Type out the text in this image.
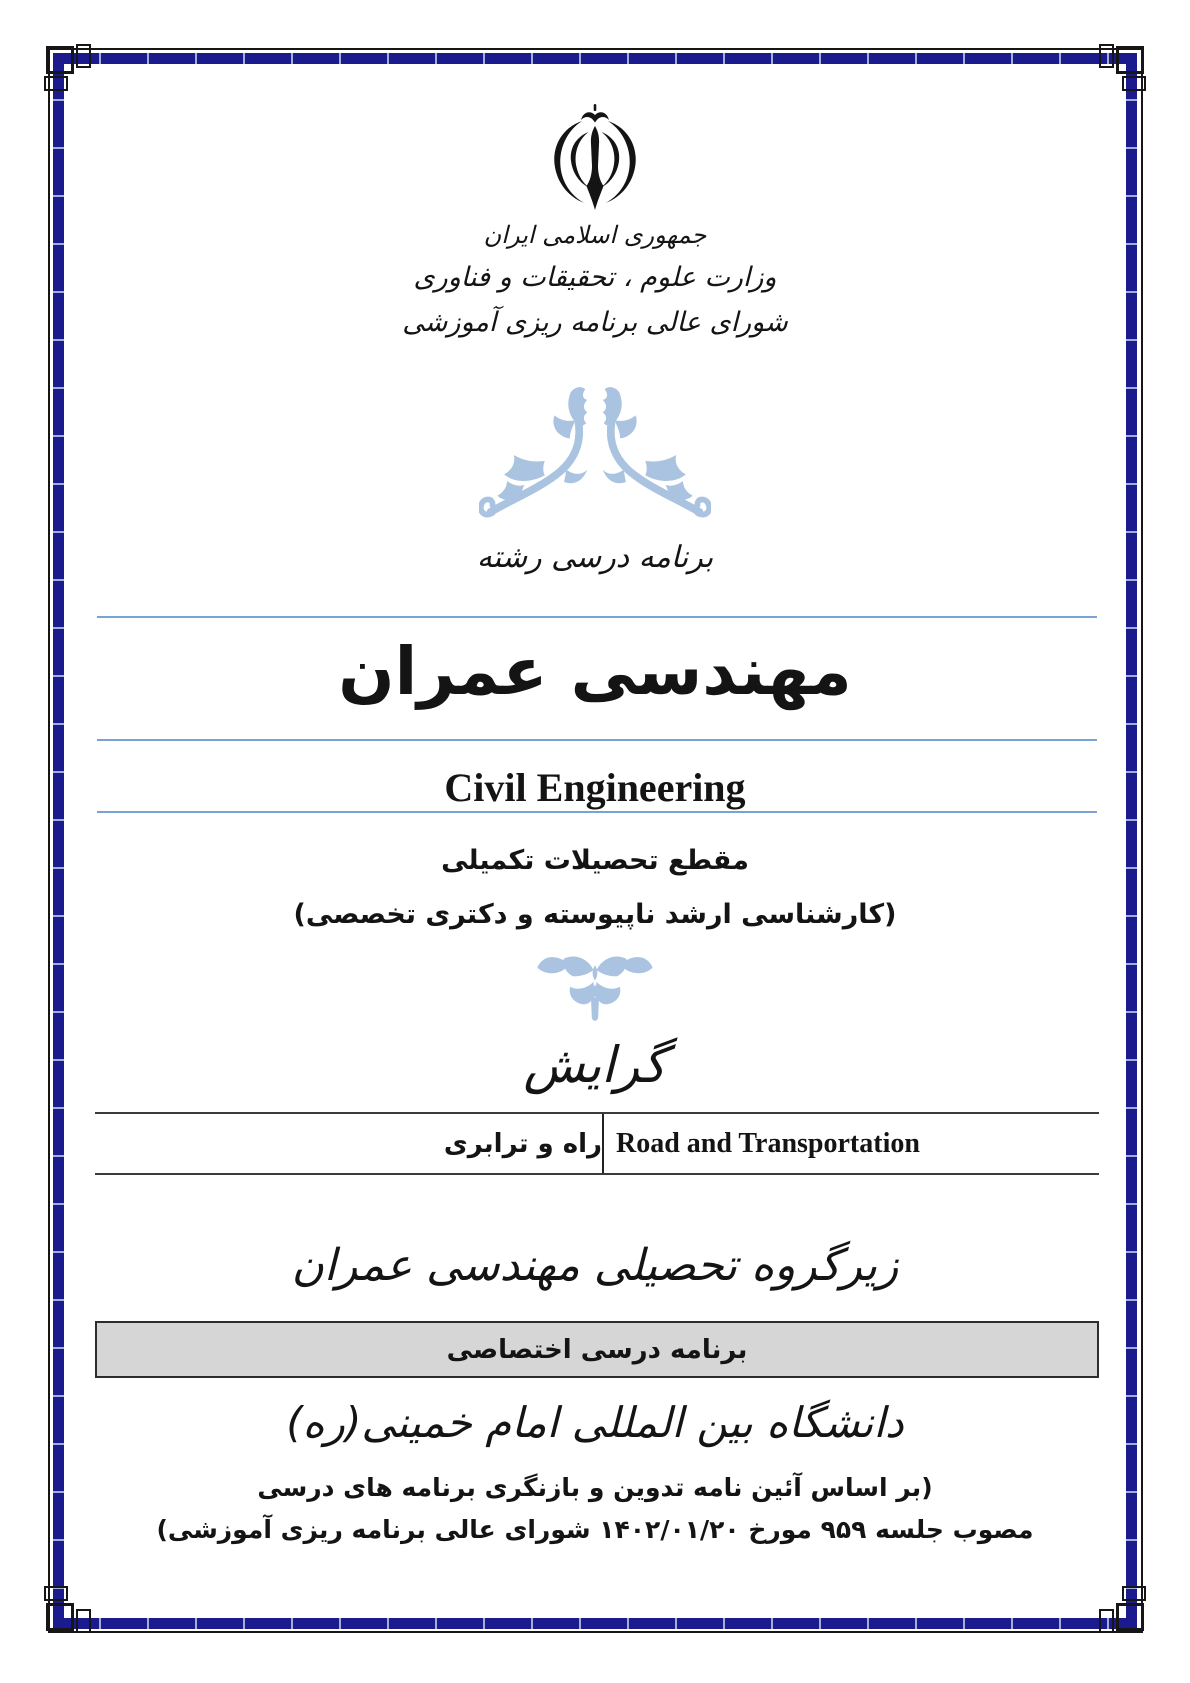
جمهوری اسلامی ایران
وزارت علوم ، تحقیقات و فناوری
شورای عالی برنامه ریزی آموزشی
برنامه درسی رشته
مهندسی عمران
Civil Engineering
مقطع تحصیلات تکمیلی
(کارشناسی ارشد ناپیوسته و دکتری تخصصی)
گرایش
راه و ترابری Road and Transportation
زیرگروه تحصیلی مهندسی عمران
برنامه درسی اختصاصی
دانشگاه بین المللی امام خمینی(ره)
(بر اساس آئین نامه تدوین و بازنگری برنامه های درسی
مصوب جلسه ۹۵۹ مورخ ۱۴۰۲/۰۱/۲۰ شورای عالی برنامه ریزی آموزشی)
